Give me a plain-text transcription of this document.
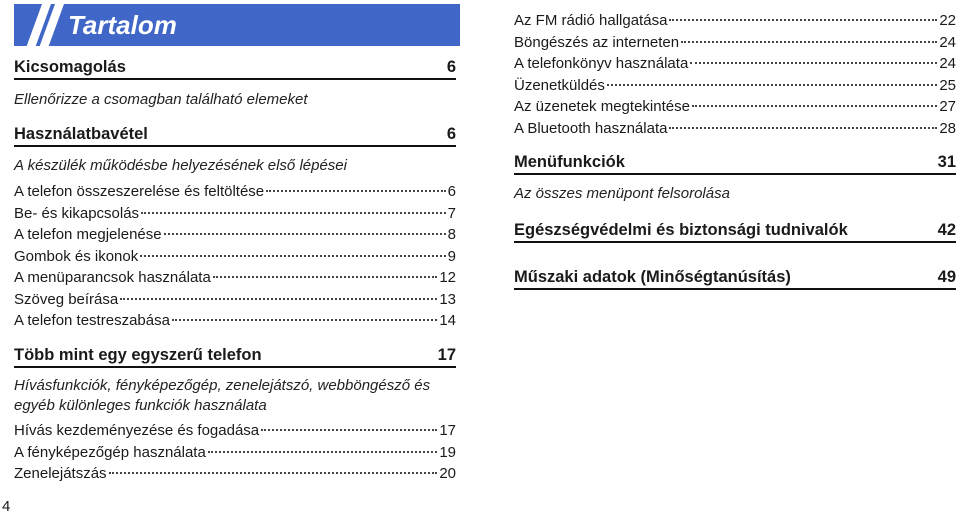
Tartalom
Kicsomagolás	6
Ellenőrizze a csomagban található elemeket
Használatbavétel	6
A készülék működésbe helyezésének első lépései
A telefon összeszerelése és feltöltése	6
Be- és kikapcsolás	7
A telefon megjelenése	8
Gombok és ikonok	9
A menüparancsok használata	12
Szöveg beírása	13
A telefon testreszabása	14
Több mint egy egyszerű telefon	17
Hívásfunkciók, fényképezőgép, zenelejátszó, webböngésző és egyéb különleges funkciók használata
Hívás kezdeményezése és fogadása	17
A fényképezőgép használata	19
Zenelejátszás	20
Az FM rádió hallgatása	22
Böngészés az interneten	24
A telefonkönyv használata	24
Üzenetküldés	25
Az üzenetek megtekintése	27
A Bluetooth használata	28
Menüfunkciók	31
Az összes menüpont felsorolása
Egészségvédelmi és biztonsági tudnivalók	42
Műszaki adatok (Minőségtanúsítás)	49
4
